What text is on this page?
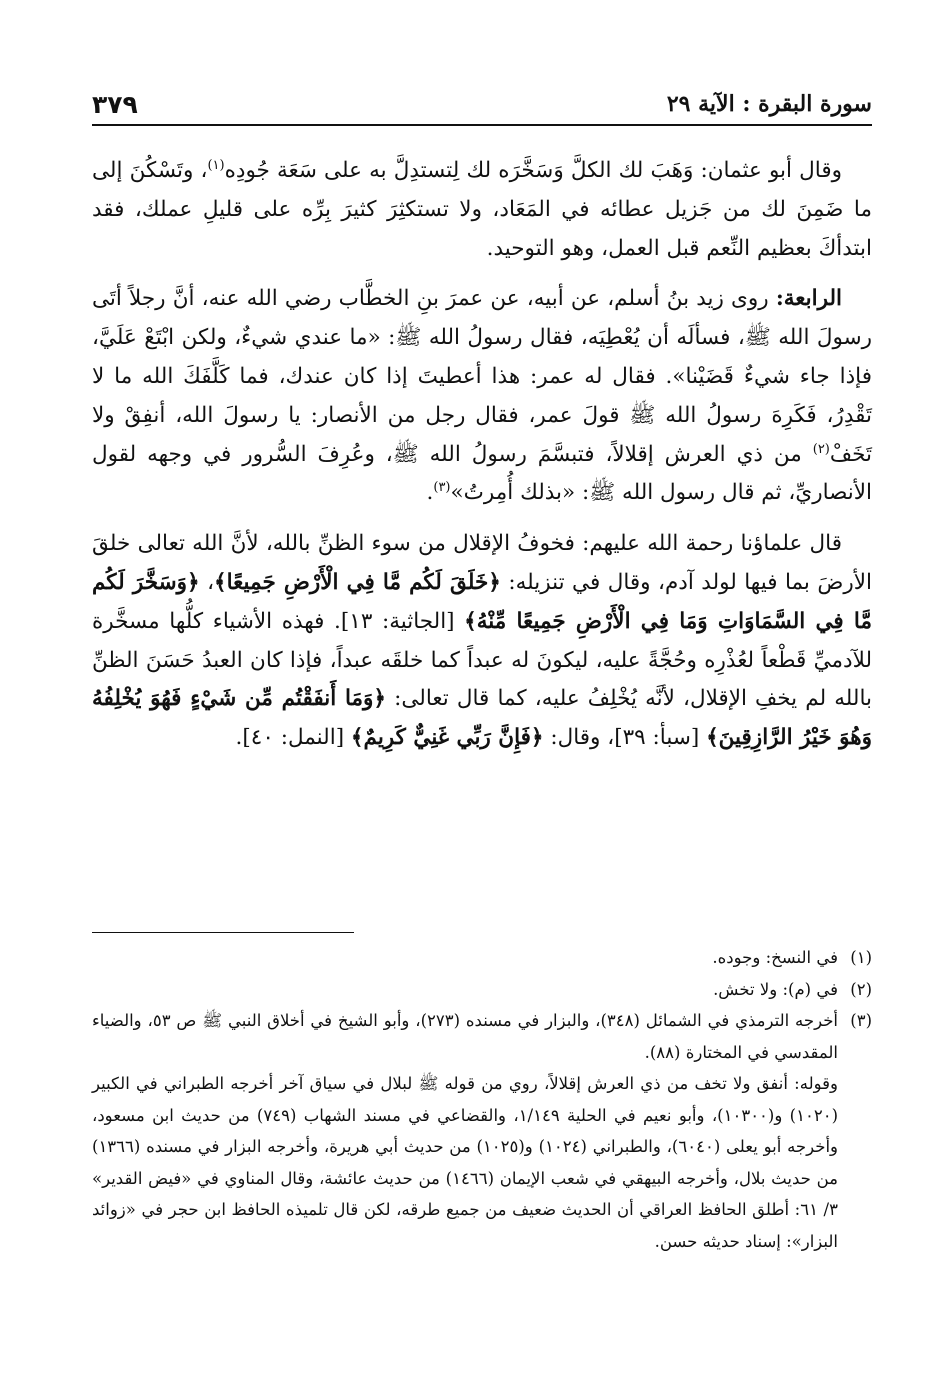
سورة البقرة : الآية ٢٩
٣٧٩

وقال أبو عثمان: وَهَبَ لك الكلَّ وَسَخَّرَه لك لِتستدِلَّ به على سَعَة جُودِه$^{(١)}$، وتَسْكُنَ إلى ما ضَمِنَ لك من جَزيل عطائه في المَعَاد، ولا تستكثِرَ كثيرَ بِرِّه على قليلِ عملك، فقد ابتدأكَ بعظيم النِّعم قبل العمل، وهو التوحيد.

الرابعة: روى زيد بنُ أسلم، عن أبيه، عن عمرَ بنِ الخطَّاب رضي الله عنه، أنَّ رجلاً أتَى رسولَ الله ﷺ، فسألَه أن يُعْطِيَه، فقال رسولُ الله ﷺ: «ما عندي شيءٌ، ولكن ابْتَعْ عَلَيَّ، فإذا جاء شيءٌ قَضَيْنا». فقال له عمر: هذا أعطيتَ إذا كان عندك، فما كَلَّفَكَ الله ما لا تَقْدِرُ، فَكَرِهَ رسولُ الله ﷺ قولَ عمر، فقال رجل من الأنصار: يا رسولَ الله، أنفِقْ ولا تَخَفْ$^{(٢)}$ من ذي العرش إقلالاً، فتبسَّمَ رسولُ الله ﷺ، وعُرِفَ السُّرور في وجهه لقول الأنصاريِّ، ثم قال رسول الله ﷺ: «بذلك أُمِرتُ»$^{(٣)}$.

قال علماؤنا رحمة الله عليهم: فخوفُ الإقلال من سوء الظنِّ بالله، لأنَّ الله تعالى خلقَ الأرضَ بما فيها لولد آدم، وقال في تنزيله: ﴿خَلَقَ لَكُم مَّا فِي الْأَرْضِ جَمِيعًا﴾، ﴿وَسَخَّرَ لَكُم مَّا فِي السَّمَاوَاتِ وَمَا فِي الْأَرْضِ جَمِيعًا مِّنْهُ﴾ [الجاثية: ١٣]. فهذه الأشياء كلُّها مسخَّرة للآدميِّ قَطْعاً لعُذْرِه وحُجَّةً عليه، ليكونَ له عبداً كما خلقَه عبداً، فإذا كان العبدُ حَسَنَ الظنِّ بالله لم يخفِ الإقلال، لأنَّه يُخْلِفُ عليه، كما قال تعالى: ﴿وَمَا أَنفَقْتُم مِّن شَيْءٍ فَهُوَ يُخْلِفُهُ وَهُوَ خَيْرُ الرَّازِقِينَ﴾ [سبأ: ٣٩]، وقال: ﴿فَإِنَّ رَبِّي غَنِيٌّ كَرِيمٌ﴾ [النمل: ٤٠].

(١)
في النسخ: وجوده.
(٢)
في (م): ولا تخش.
(٣)
أخرجه الترمذي في الشمائل (٣٤٨)، والبزار في مسنده (٢٧٣)، وأبو الشيخ في أخلاق النبي ﷺ ص ٥٣، والضياء المقدسي في المختارة (٨٨).
وقوله: أنفق ولا تخف من ذي العرش إقلالاً، روي من قوله ﷺ لبلال في سياق آخر أخرجه الطبراني في الكبير (١٠٢٠) و(١٠٣٠٠)، وأبو نعيم في الحلية ١/١٤٩، والقضاعي في مسند الشهاب (٧٤٩) من حديث ابن مسعود، وأخرجه أبو يعلى (٦٠٤٠)، والطبراني (١٠٢٤) و(١٠٢٥) من حديث أبي هريرة، وأخرجه البزار في مسنده (١٣٦٦) من حديث بلال، وأخرجه البيهقي في شعب الإيمان (١٤٦٦) من حديث عائشة، وقال المناوي في «فيض القدير» ٣/ ٦١: أطلق الحافظ العراقي أن الحديث ضعيف من جميع طرقه، لكن قال تلميذه الحافظ ابن حجر في «زوائد البزار»: إسناد حديثه حسن.
